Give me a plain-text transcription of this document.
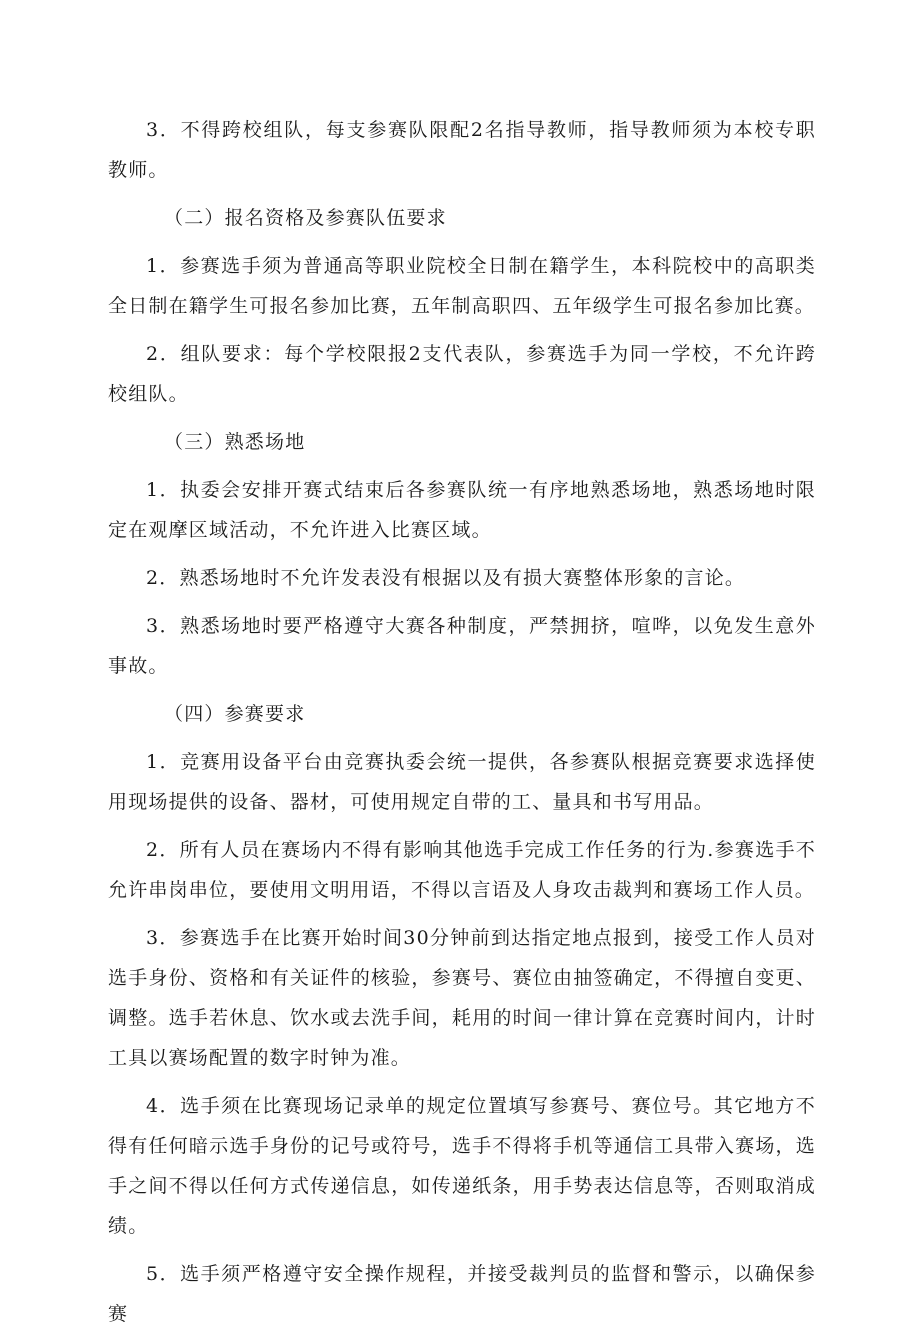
3．不得跨校组队，每支参赛队限配2名指导教师，指导教师须为本校专职教师。

（二）报名资格及参赛队伍要求

1．参赛选手须为普通高等职业院校全日制在籍学生，本科院校中的高职类全日制在籍学生可报名参加比赛，五年制高职四、五年级学生可报名参加比赛。

2．组队要求：每个学校限报2支代表队，参赛选手为同一学校，不允许跨校组队。

（三）熟悉场地

1．执委会安排开赛式结束后各参赛队统一有序地熟悉场地，熟悉场地时限定在观摩区域活动，不允许进入比赛区域。

2．熟悉场地时不允许发表没有根据以及有损大赛整体形象的言论。

3．熟悉场地时要严格遵守大赛各种制度，严禁拥挤，喧哗，以免发生意外事故。

（四）参赛要求

1．竞赛用设备平台由竞赛执委会统一提供，各参赛队根据竞赛要求选择使用现场提供的设备、器材，可使用规定自带的工、量具和书写用品。

2．所有人员在赛场内不得有影响其他选手完成工作任务的行为.参赛选手不允许串岗串位，要使用文明用语，不得以言语及人身攻击裁判和赛场工作人员。

3．参赛选手在比赛开始时间30分钟前到达指定地点报到，接受工作人员对选手身份、资格和有关证件的核验，参赛号、赛位由抽签确定，不得擅自变更、调整。选手若休息、饮水或去洗手间，耗用的时间一律计算在竞赛时间内，计时工具以赛场配置的数字时钟为准。

4．选手须在比赛现场记录单的规定位置填写参赛号、赛位号。其它地方不得有任何暗示选手身份的记号或符号，选手不得将手机等通信工具带入赛场，选手之间不得以任何方式传递信息，如传递纸条，用手势表达信息等，否则取消成绩。

5．选手须严格遵守安全操作规程，并接受裁判员的监督和警示，以确保参赛
